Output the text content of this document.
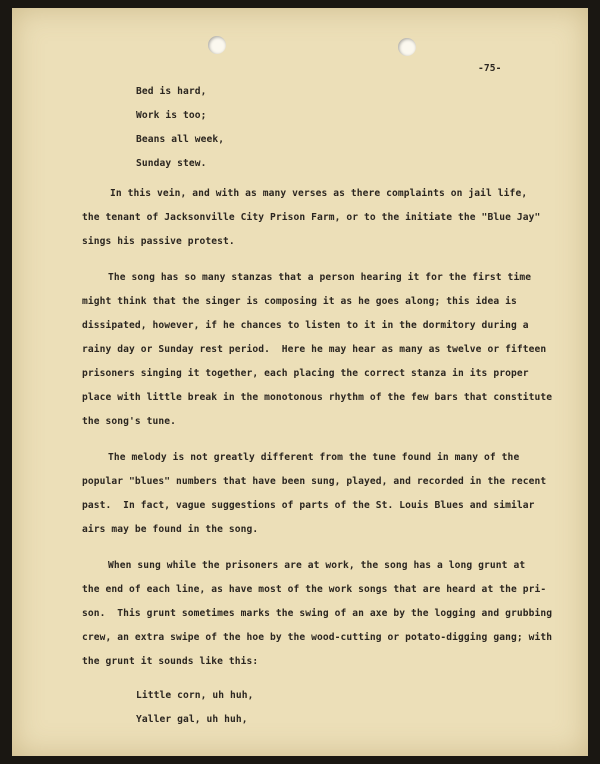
-75-
Bed is hard,
Work is too;
Beans all week,
Sunday stew.
In this vein, and with as many verses as there complaints on jail life,
the tenant of Jacksonville City Prison Farm, or to the initiate the "Blue Jay"
sings his passive protest.
The song has so many stanzas that a person hearing it for the first time
might think that the singer is composing it as he goes along; this idea is
dissipated, however, if he chances to listen to it in the dormitory during a
rainy day or Sunday rest period.  Here he may hear as many as twelve or fifteen
prisoners singing it together, each placing the correct stanza in its proper
place with little break in the monotonous rhythm of the few bars that constitute
the song's tune.
The melody is not greatly different from the tune found in many of the
popular "blues" numbers that have been sung, played, and recorded in the recent
past.  In fact, vague suggestions of parts of the St. Louis Blues and similar
airs may be found in the song.
When sung while the prisoners are at work, the song has a long grunt at
the end of each line, as have most of the work songs that are heard at the pri-
son.  This grunt sometimes marks the swing of an axe by the logging and grubbing
crew, an extra swipe of the hoe by the wood-cutting or potato-digging gang; with
the grunt it sounds like this:
Little corn, uh huh,
Yaller gal, uh huh,
